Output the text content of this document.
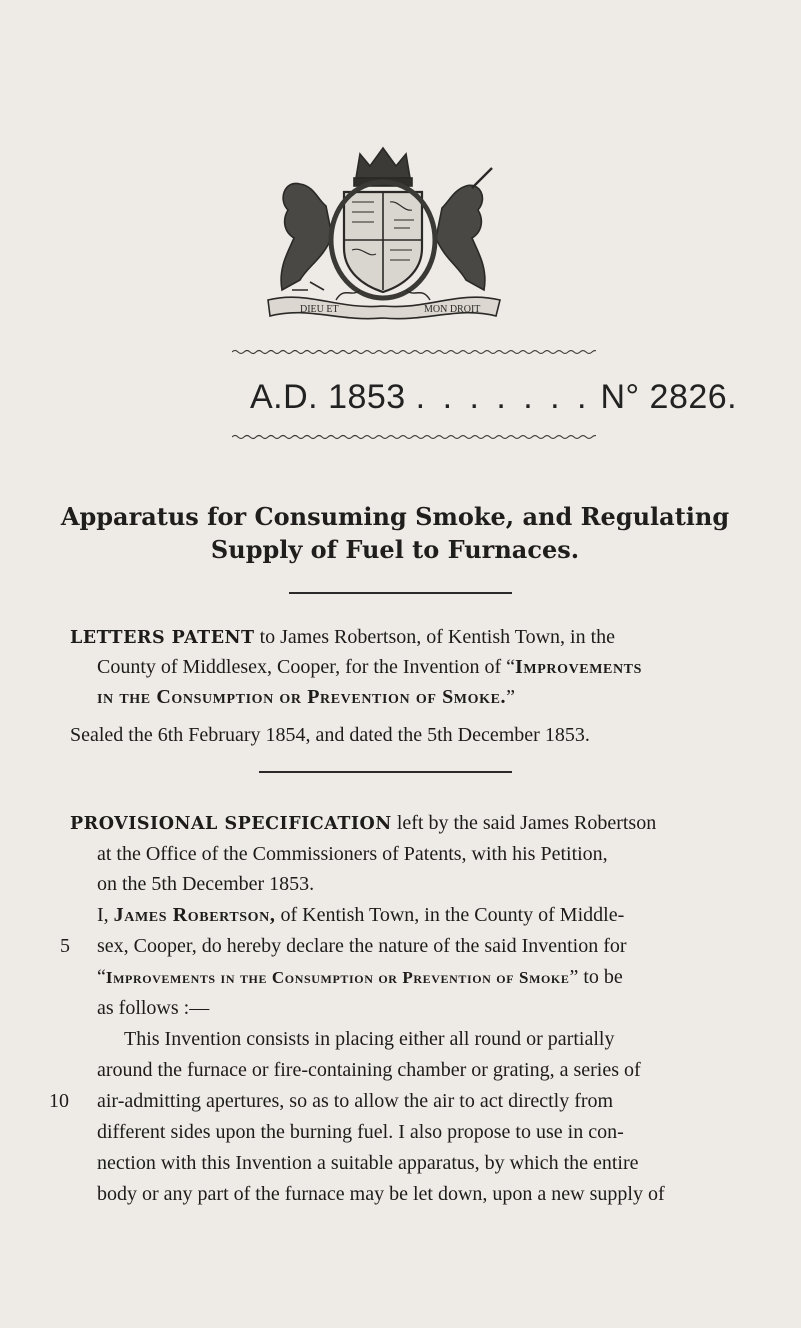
DIEU ET	MON DROIT
A.D. 1853 . . . . . . . N° 2826.
Apparatus for Consuming Smoke, and Regulating
Supply of Fuel to Furnaces.
LETTERS PATENT to James Robertson, of Kentish Town, in the
County of Middlesex, Cooper, for the Invention of “Improvements
in the Consumption or Prevention of Smoke.”
Sealed the 6th February 1854, and dated the 5th December 1853.
PROVISIONAL SPECIFICATION left by the said James Robertson
at the Office of the Commissioners of Patents, with his Petition,
on the 5th December 1853.
I, James Robertson, of Kentish Town, in the County of Middle-
5 sex, Cooper, do hereby declare the nature of the said Invention for
“Improvements in the Consumption or Prevention of Smoke” to be
as follows :—
This Invention consists in placing either all round or partially
around the furnace or fire-containing chamber or grating, a series of
10 air-admitting apertures, so as to allow the air to act directly from
different sides upon the burning fuel. I also propose to use in con-
nection with this Invention a suitable apparatus, by which the entire
body or any part of the furnace may be let down, upon a new supply of
